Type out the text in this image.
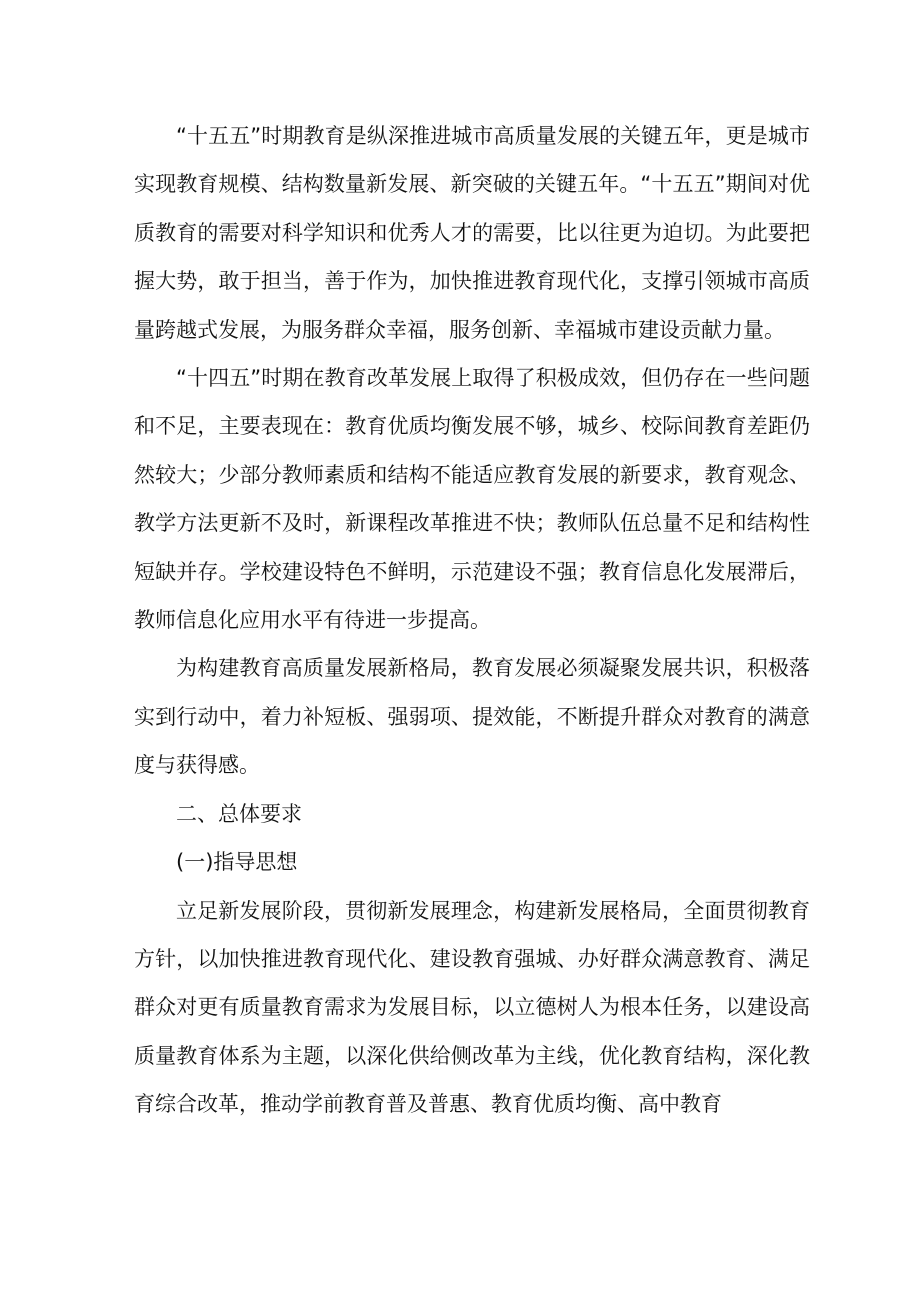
“十五五”时期教育是纵深推进城市高质量发展的关键五年，更是城市实现教育规模、结构数量新发展、新突破的关键五年。“十五五”期间对优质教育的需要对科学知识和优秀人才的需要，比以往更为迫切。为此要把握大势，敢于担当，善于作为，加快推进教育现代化，支撑引领城市高质量跨越式发展，为服务群众幸福，服务创新、幸福城市建设贡献力量。

“十四五”时期在教育改革发展上取得了积极成效，但仍存在一些问题和不足，主要表现在：教育优质均衡发展不够，城乡、校际间教育差距仍然较大；少部分教师素质和结构不能适应教育发展的新要求，教育观念、教学方法更新不及时，新课程改革推进不快；教师队伍总量不足和结构性短缺并存。学校建设特色不鲜明，示范建设不强；教育信息化发展滞后，教师信息化应用水平有待进一步提高。

为构建教育高质量发展新格局，教育发展必须凝聚发展共识，积极落实到行动中，着力补短板、强弱项、提效能，不断提升群众对教育的满意度与获得感。

二、总体要求

(一)指导思想

立足新发展阶段，贯彻新发展理念，构建新发展格局，全面贯彻教育方针，以加快推进教育现代化、建设教育强城、办好群众满意教育、满足群众对更有质量教育需求为发展目标，以立德树人为根本任务，以建设高质量教育体系为主题，以深化供给侧改革为主线，优化教育结构，深化教育综合改革，推动学前教育普及普惠、教育优质均衡、高中教育
